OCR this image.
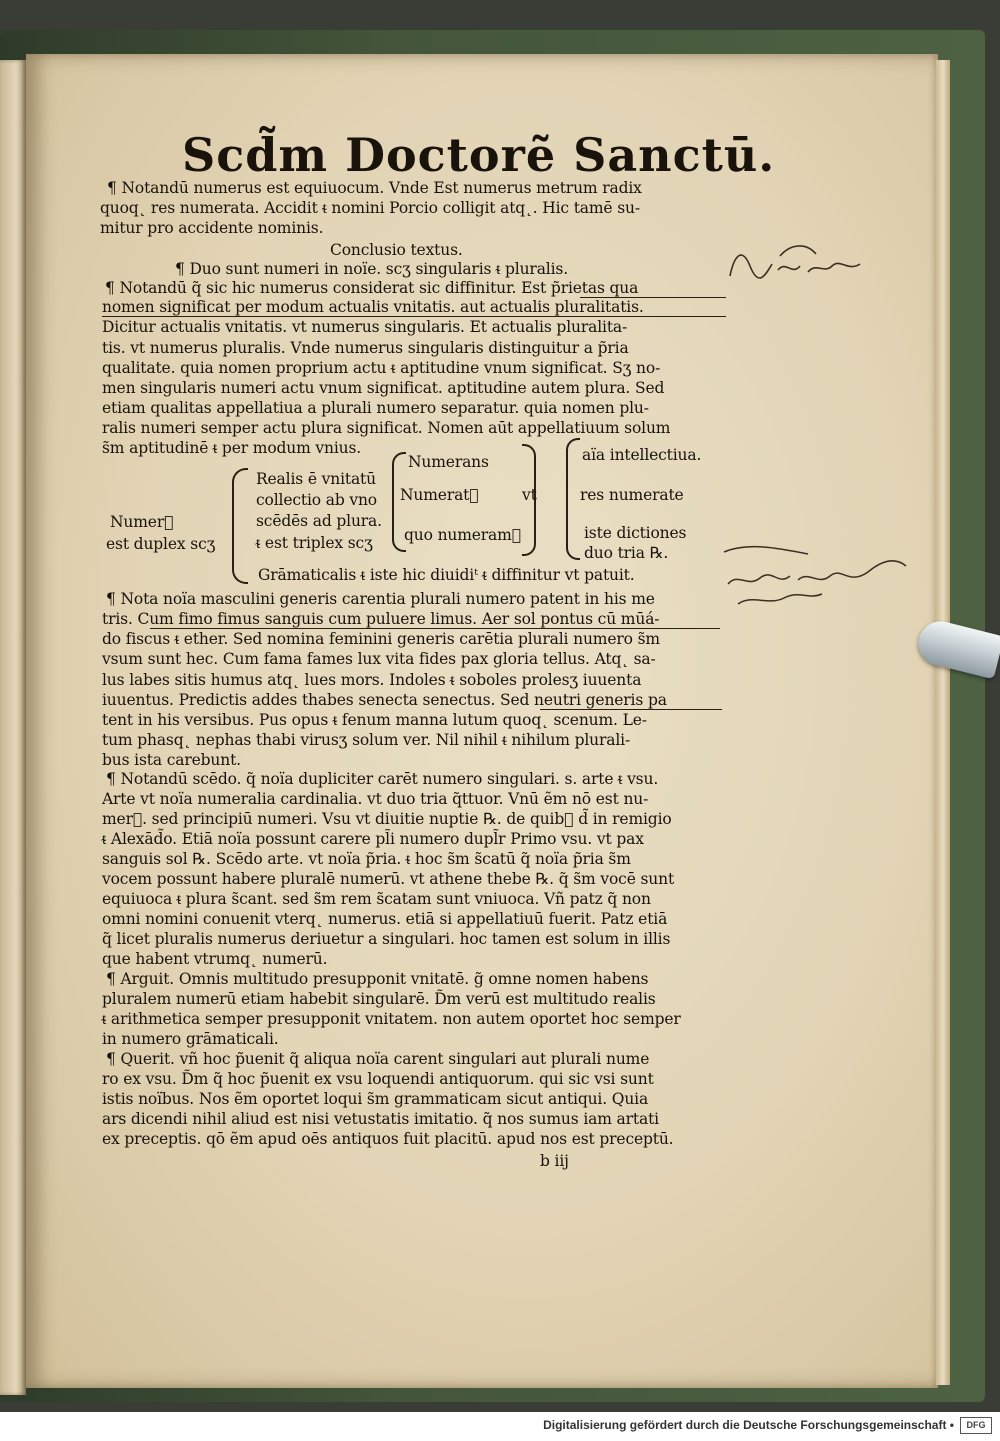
Scd̃m Doctorẽ Sanctū.
¶ Notandū numerus est equiuocum. Vnde Est numerus metrum radix
quoq˛ res numerata. Accidit ᵵ nomini Porcio colligit atq˛. Hic tamē su-
mitur pro accidente nominis.
Conclusio textus.
¶ Duo sunt numeri in noïe. scʒ singularis ᵵ pluralis.
¶ Notandū q̃ sic hic numerus considerat sic diffinitur. Est p̃rietas qua
nomen significat per modum actualis vnitatis. aut actualis pluralitatis.
Dicitur actualis vnitatis. vt numerus singularis. Et actualis pluralita-
tis. vt numerus pluralis. Vnde numerus singularis distinguitur a p̃ria
qualitate. quia nomen proprium actu ᵵ aptitudine vnum significat. Sʒ no-
men singularis numeri actu vnum significat. aptitudine autem plura. Sed
etiam qualitas appellatiua a plurali numero separatur. quia nomen plu-
ralis numeri semper actu plura significat. Nomen aūt appellatiuum solum
s̃m aptitudinē ᵵ per modum vnius.
Numer᷒
est duplex scʒ
Realis ē vnitatū
collectio ab vno
scēdēs ad plura.
ᵵ est triplex scʒ
Numerans
Numerat᷒
quo numeram᷒
vt
aïa intellectiua.
res numerate
iste dictiones
duo tria ℞.
Grāmaticalis ᵵ iste hic diuidiᵗ ᵵ diffinitur vt patuit.
¶ Nota noïa masculini generis carentia plurali numero patent in his me
tris. Cum fimo fimus sanguis cum puluere limus. Aer sol pontus cū mūá-
do fiscus ᵵ ether. Sed nomina feminini generis carētia plurali numero s̃m
vsum sunt hec. Cum fama fames lux vita fides pax gloria tellus. Atq˛ sa-
lus labes sitis humus atq˛ lues mors. Indoles ᵵ soboles prolesʒ iuuenta
iuuentus. Predictis addes thabes senecta senectus. Sed neutri generis pa
tent in his versibus. Pus opus ᵵ fenum manna lutum quoq˛ scenum. Le-
tum phasq˛ nephas thabi virusʒ solum ver. Nil nihil ᵵ nihilum plurali-
bus ista carebunt.
¶ Notandū scēdo. q̃ noïa dupliciter carēt numero singulari. s. arte ᵵ vsu.
Arte vt noïa numeralia cardinalia. vt duo tria q̃ttuor. Vnū ẽm nō est nu-
mer᷒. sed principiū numeri. Vsu vt diuitie nuptie ℞. de quib᷒ d̃ in remigio
ᵵ Alexād̃o. Etiā noïa possunt carere pl̃i numero dupl̃r Primo vsu. vt pax
sanguis sol ℞. Scēdo arte. vt noïa p̃ria. ᵵ hoc s̃m s̃catū q̃ noïa p̃ria s̃m
vocem possunt habere pluralē numerū. vt athene thebe ℞. q̃ s̃m vocē sunt
equiuoca ᵵ plura s̃cant. sed s̃m rem s̃catam sunt vniuoca. Vñ patz q̃ non
omni nomini conuenit vterq˛ numerus. etiā si appellatiuū fuerit. Patz etiā
q̃ licet pluralis numerus deriuetur a singulari. hoc tamen est solum in illis
que habent vtrumq˛ numerū.
¶ Arguit. Omnis multitudo presupponit vnitatē. g̃ omne nomen habens
pluralem numerū etiam habebit singularē. D̃m verū est multitudo realis
ᵵ arithmetica semper presupponit vnitatem. non autem oportet hoc semper
in numero grāmaticali.
¶ Querit. vñ hoc p̃uenit q̃ aliqua noïa carent singulari aut plurali nume
ro ex vsu. D̃m q̃ hoc p̃uenit ex vsu loquendi antiquorum. qui sic vsi sunt
istis noïbus. Nos ẽm oportet loqui s̃m grammaticam sicut antiqui. Quia
ars dicendi nihil aliud est nisi vetustatis imitatio. q̃ nos sumus iam artati
ex preceptis. qō ẽm apud oēs antiquos fuit placitū. apud nos est preceptū.
b iij
Digitalisierung gefördert durch die Deutsche Forschungsgemeinschaft •	DFG
